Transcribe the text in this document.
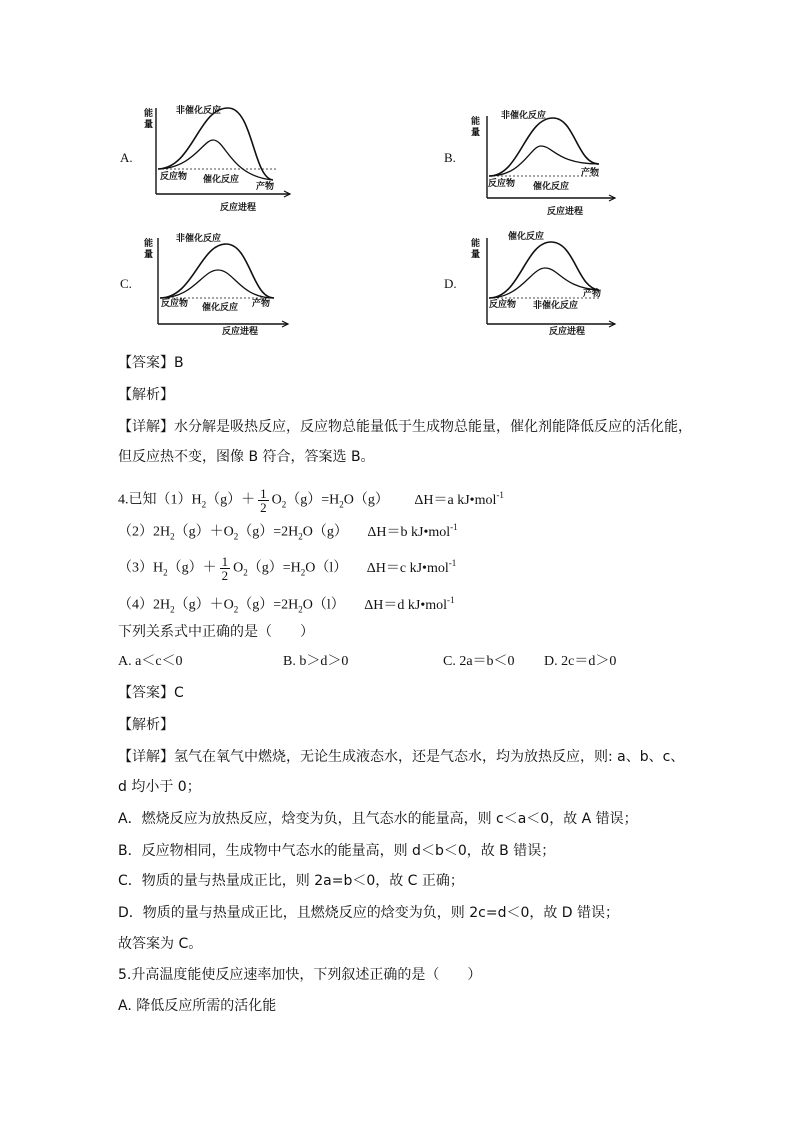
A.
能
量
非催化反应
催化反应
反应物
产物
反应进程
B.
能
量
非催化反应
催化反应
反应物
产物
反应进程
C.
能
量
非催化反应
催化反应
反应物	产物
反应进程
D.
能
量
催化反应
非催化反应
反应物
产物
反应进程
【答案】B
【解析】
【详解】水分解是吸热反应，反应物总能量低于生成物总能量，催化剂能降低反应的活化能，
但反应热不变，图像 B 符合，答案选 B。
4.已知$(1)H_2(g)+ \frac{1}{2} O_2(g)=H_2O(g)$ ΔH＝a kJ•mol$^{-1}$
$(2)2H_2(g)+O_2(g)=2H_2O(g)$ ΔH＝b kJ•mol$^{-1}$
$(3)H_2(g)+ \frac{1}{2} O_2(g)=H_2O(l)$ ΔH＝c kJ•mol$^{-1}$
$(4)2H_2(g)+O_2(g)=2H_2O(l)$ ΔH＝d kJ•mol$^{-1}$
下列关系式中正确的是（　　）
A. a＜c＜0	B. b＞d＞0	C. 2a＝b＜0 D. 2c＝d＞0
【答案】C
【解析】
【详解】氢气在氧气中燃烧，无论生成液态水，还是气态水，均为放热反应，则: a、b、c、
d 均小于 0；
A．燃烧反应为放热反应，焓变为负，且气态水的能量高，则 c＜a＜0，故 A 错误；
B．反应物相同，生成物中气态水的能量高，则 d＜b＜0，故 B 错误；
C．物质的量与热量成正比，则 2a=b＜0，故 C 正确；
D．物质的量与热量成正比，且燃烧反应的焓变为负，则 2c=d＜0，故 D 错误；
故答案为 C。
5.升高温度能使反应速率加快，下列叙述正确的是（　　）
A. 降低反应所需的活化能
